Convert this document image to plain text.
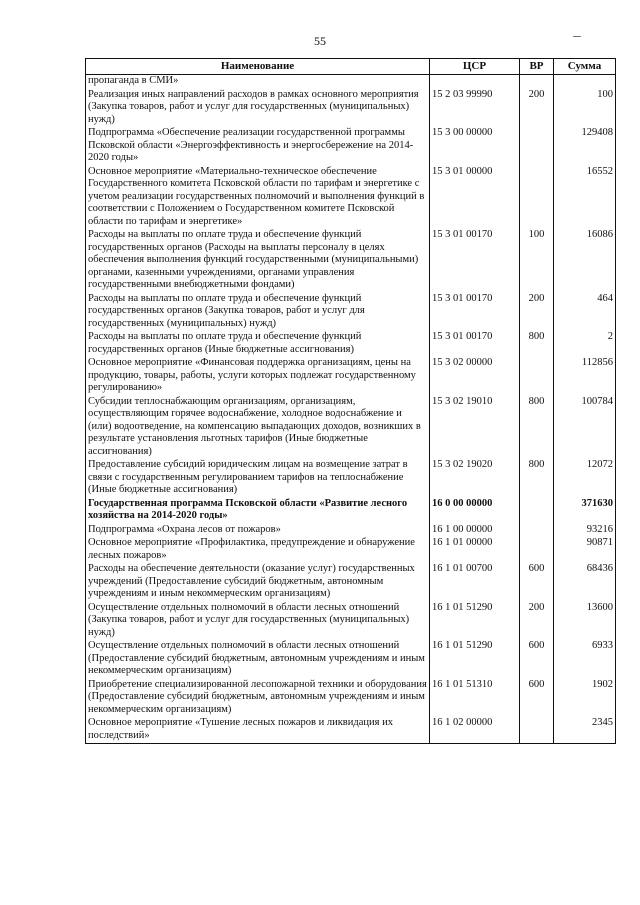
55
Наименование	ЦСР	ВР	Сумма
пропаганда в СМИ»			
Реализация иных направлений расходов в рамках основного мероприятия (Закупка товаров, работ и услуг для государственных (муниципальных) нужд)	15 2 03 99990	200	100
Подпрограмма «Обеспечение реализации государственной программы Псковской области «Энергоэффективность и энергосбережение на 2014-2020 годы»	15 3 00 00000		129408
Основное мероприятие «Материально-техническое обеспечение Государственного комитета Псковской области по тарифам и энергетике с учетом реализации государственных полномочий и выполнения функций в соответствии с Положением о Государственном комитете Псковской области по тарифам и энергетике»	15 3 01 00000		16552
Расходы на выплаты по оплате труда и обеспечение функций государственных органов (Расходы на выплаты персоналу в целях обеспечения выполнения функций государственными (муниципальными) органами, казенными учреждениями, органами управления государственными внебюджетными фондами)	15 3 01 00170	100	16086
Расходы на выплаты по оплате труда и обеспечение функций государственных органов (Закупка товаров, работ и услуг для государственных (муниципальных) нужд)	15 3 01 00170	200	464
Расходы на выплаты по оплате труда и обеспечение функций государственных органов (Иные бюджетные ассигнования)	15 3 01 00170	800	2
Основное мероприятие «Финансовая поддержка организациям, цены на продукцию, товары, работы, услуги которых подлежат государственному регулированию»	15 3 02 00000		112856
Субсидии теплоснабжающим организациям, организациям, осуществляющим горячее водоснабжение, холодное водоснабжение и (или) водоотведение, на компенсацию выпадающих доходов, возникших в результате установления льготных тарифов (Иные бюджетные ассигнования)	15 3 02 19010	800	100784
Предоставление субсидий юридическим лицам на возмещение затрат в связи с государственным регулированием тарифов на теплоснабжение (Иные бюджетные ассигнования)	15 3 02 19020	800	12072
Государственная программа Псковской области «Развитие лесного хозяйства на 2014-2020 годы»	16 0 00 00000		371630
Подпрограмма «Охрана лесов от пожаров»	16 1 00 00000		93216
Основное мероприятие «Профилактика, предупреждение и обнаружение лесных пожаров»	16 1 01 00000		90871
Расходы на обеспечение деятельности (оказание услуг) государственных учреждений (Предоставление субсидий бюджетным, автономным учреждениям и иным некоммерческим организациям)	16 1 01 00700	600	68436
Осуществление отдельных полномочий в области лесных отношений (Закупка товаров, работ и услуг для государственных (муниципальных) нужд)	16 1 01 51290	200	13600
Осуществление отдельных полномочий в области лесных отношений (Предоставление субсидий бюджетным, автономным учреждениям и иным некоммерческим организациям)	16 1 01 51290	600	6933
Приобретение специализированной лесопожарной техники и оборудования (Предоставление субсидий бюджетным, автономным учреждениям и иным некоммерческим организациям)	16 1 01 51310	600	1902
Основное мероприятие «Тушение лесных пожаров и ликвидация их последствий»	16 1 02 00000		2345
